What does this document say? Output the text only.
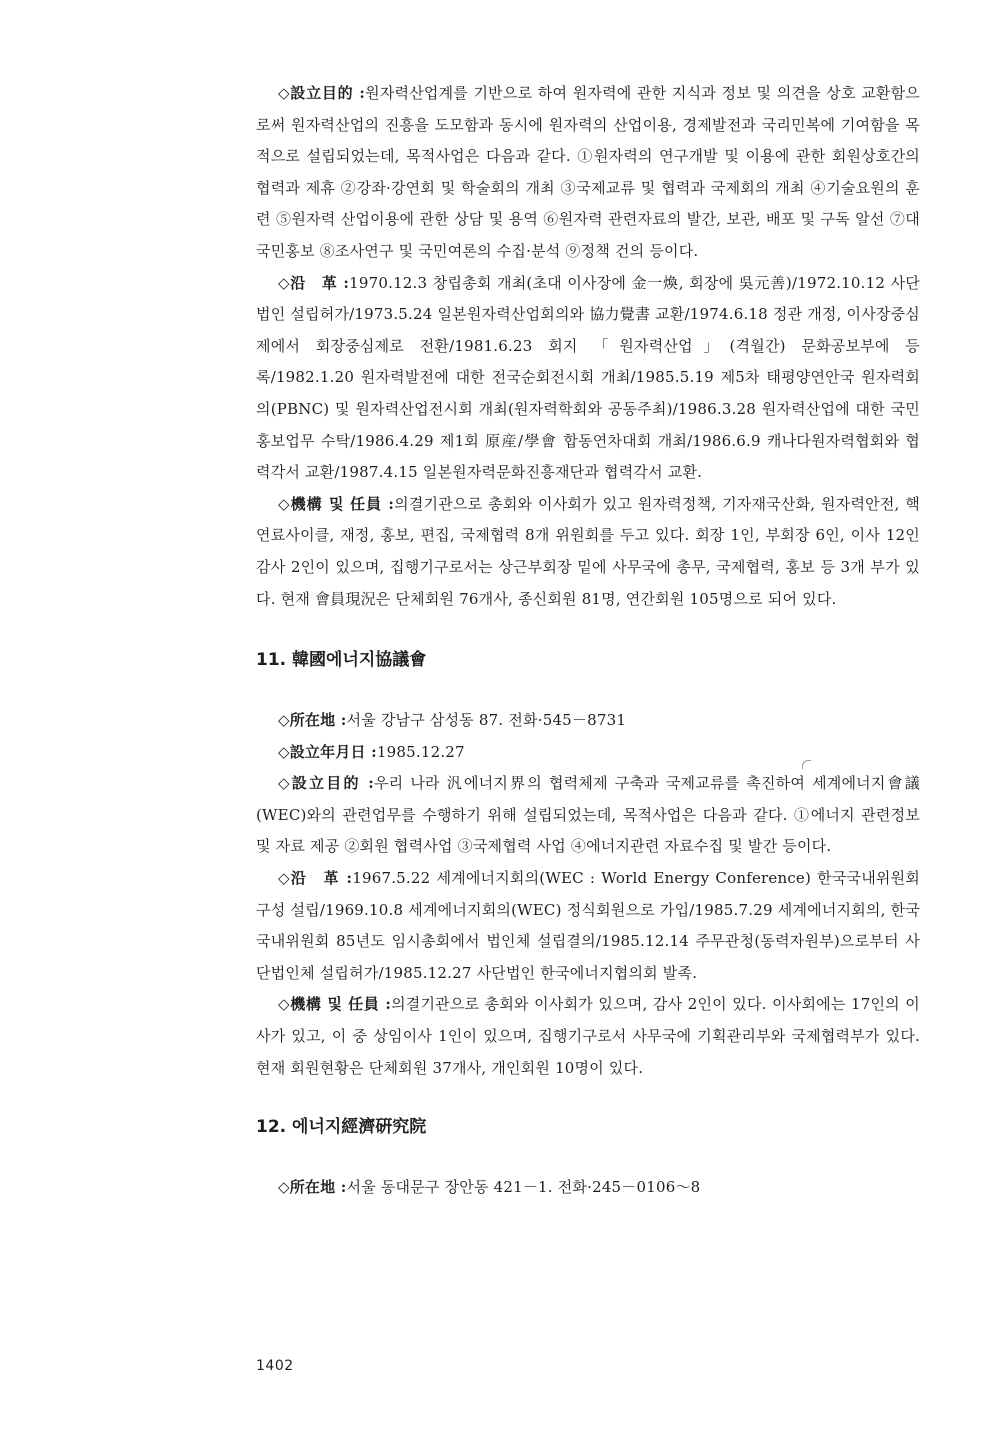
◇設立目的 :원자력산업계를 기반으로 하여 원자력에 관한 지식과 정보 및 의견을 상호 교환함으로써 원자력산업의 진흥을 도모함과 동시에 원자력의 산업이용, 경제발전과 국리민복에 기여함을 목적으로 설립되었는데, 목적사업은 다음과 같다. ①원자력의 연구개발 및 이용에 관한 회원상호간의 협력과 제휴 ②강좌·강연회 및 학술회의 개최 ③국제교류 및 협력과 국제회의 개최 ④기술요원의 훈련 ⑤원자력 산업이용에 관한 상담 및 용역 ⑥원자력 관련자료의 발간, 보관, 배포 및 구독 알선 ⑦대국민홍보 ⑧조사연구 및 국민여론의 수집·분석 ⑨정책 건의 등이다.

◇沿　革 :1970.12.3 창립총회 개최(초대 이사장에 金一煥, 회장에 吳元善)/1972.10.12 사단법인 설립허가/1973.5.24 일본원자력산업회의와 協力覺書 교환/1974.6.18 정관 개정, 이사장중심제에서 회장중심제로 전환/1981.6.23 회지 「원자력산업」(격월간) 문화공보부에 등록/1982.1.20 원자력발전에 대한 전국순회전시회 개최/1985.5.19 제5차 태평양연안국 원자력회의(PBNC) 및 원자력산업전시회 개최(원자력학회와 공동주최)/1986.3.28 원자력산업에 대한 국민홍보업무 수탁/1986.4.29 제1회 原産/學會 합동연차대회 개최/1986.6.9 캐나다원자력협회와 협력각서 교환/1987.4.15 일본원자력문화진흥재단과 협력각서 교환.

◇機構 및 任員 :의결기관으로 총회와 이사회가 있고 원자력정책, 기자재국산화, 원자력안전, 핵연료사이클, 재정, 홍보, 편집, 국제협력 8개 위원회를 두고 있다. 회장 1인, 부회장 6인, 이사 12인 감사 2인이 있으며, 집행기구로서는 상근부회장 밑에 사무국에 총무, 국제협력, 홍보 등 3개 부가 있다. 현재 會員現況은 단체회원 76개사, 종신회원 81명, 연간회원 105명으로 되어 있다.

11. 韓國에너지協議會

◇所在地 :서울 강남구 삼성동 87. 전화·545－8731

◇設立年月日 :1985.12.27

◇設立目的 :우리 나라 汎에너지界의 협력체제 구축과 국제교류를 촉진하여 세계에너지會議(WEC)와의 관련업무를 수행하기 위해 설립되었는데, 목적사업은 다음과 같다. ①에너지 관련정보 및 자료 제공 ②회원 협력사업 ③국제협력 사업 ④에너지관련 자료수집 및 발간 등이다.

◇沿　革 :1967.5.22 세계에너지회의(WEC : World Energy Conference) 한국국내위원회 구성 설립/1969.10.8 세계에너지회의(WEC) 정식회원으로 가입/1985.7.29 세계에너지회의, 한국국내위원회 85년도 임시총회에서 법인체 설립결의/1985.12.14 주무관청(동력자원부)으로부터 사단법인체 설립허가/1985.12.27 사단법인 한국에너지협의회 발족.

◇機構 및 任員 :의결기관으로 총회와 이사회가 있으며, 감사 2인이 있다. 이사회에는 17인의 이사가 있고, 이 중 상임이사 1인이 있으며, 집행기구로서 사무국에 기획관리부와 국제협력부가 있다. 현재 회원현황은 단체회원 37개사, 개인회원 10명이 있다.

12. 에너지經濟硏究院

◇所在地 :서울 동대문구 장안동 421－1. 전화·245－0106～8

1402
